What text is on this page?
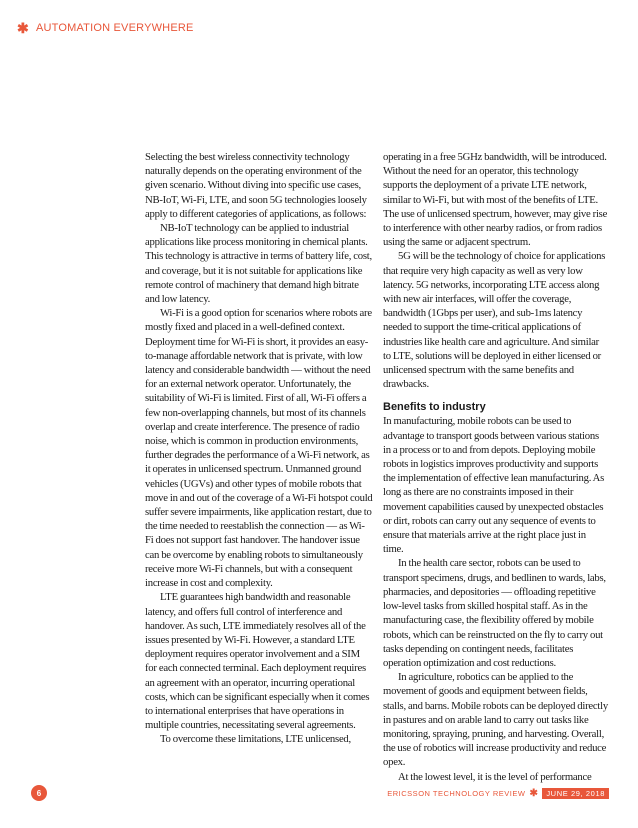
✱ AUTOMATION EVERYWHERE

Selecting the best wireless connectivity technology naturally depends on the operating environment of the given scenario. Without diving into specific use cases, NB-IoT, Wi-Fi, LTE, and soon 5G technologies loosely apply to different categories of applications, as follows:

NB-IoT technology can be applied to industrial applications like process monitoring in chemical plants. This technology is attractive in terms of battery life, cost, and coverage, but it is not suitable for applications like remote control of machinery that demand high bitrate and low latency.

Wi-Fi is a good option for scenarios where robots are mostly fixed and placed in a well-defined context. Deployment time for Wi-Fi is short, it provides an easy-to-manage affordable network that is private, with low latency and considerable bandwidth — without the need for an external network operator. Unfortunately, the suitability of Wi-Fi is limited. First of all, Wi-Fi offers a few non-overlapping channels, but most of its channels overlap and create interference. The presence of radio noise, which is common in production environments, further degrades the performance of a Wi-Fi network, as it operates in unlicensed spectrum. Unmanned ground vehicles (UGVs) and other types of mobile robots that move in and out of the coverage of a Wi-Fi hotspot could suffer severe impairments, like application restart, due to the time needed to reestablish the connection — as Wi-Fi does not support fast handover. The handover issue can be overcome by enabling robots to simultaneously receive more Wi-Fi channels, but with a consequent increase in cost and complexity.

LTE guarantees high bandwidth and reasonable latency, and offers full control of interference and handover. As such, LTE immediately resolves all of the issues presented by Wi-Fi. However, a standard LTE deployment requires operator involvement and a SIM for each connected terminal. Each deployment requires an agreement with an operator, incurring operational costs, which can be significant especially when it comes to international enterprises that have operations in multiple countries, necessitating several agreements.

To overcome these limitations, LTE unlicensed,

operating in a free 5GHz bandwidth, will be introduced. Without the need for an operator, this technology supports the deployment of a private LTE network, similar to Wi-Fi, but with most of the benefits of LTE. The use of unlicensed spectrum, however, may give rise to interference with other nearby radios, or from radios using the same or adjacent spectrum.

5G will be the technology of choice for applications that require very high capacity as well as very low latency. 5G networks, incorporating LTE access along with new air interfaces, will offer the coverage, bandwidth (1Gbps per user), and sub-1ms latency needed to support the time-critical applications of industries like health care and agriculture. And similar to LTE, solutions will be deployed in either licensed or unlicensed spectrum with the same benefits and drawbacks.

Benefits to industry

In manufacturing, mobile robots can be used to advantage to transport goods between various stations in a process or to and from depots. Deploying mobile robots in logistics improves productivity and supports the implementation of effective lean manufacturing. As long as there are no constraints imposed in their movement capabilities caused by unexpected obstacles or dirt, robots can carry out any sequence of events to ensure that materials arrive at the right place just in time.

In the health care sector, robots can be used to transport specimens, drugs, and bedlinen to wards, labs, pharmacies, and depositories — offloading repetitive low-level tasks from skilled hospital staff. As in the manufacturing case, the flexibility offered by mobile robots, which can be reinstructed on the fly to carry out tasks depending on contingent needs, facilitates operation optimization and cost reductions.

In agriculture, robotics can be applied to the movement of goods and equipment between fields, stalls, and barns. Mobile robots can be deployed directly in pastures and on arable land to carry out tasks like monitoring, spraying, pruning, and harvesting. Overall, the use of robotics will increase productivity and reduce opex.

At the lowest level, it is the level of performance

6	ERICSSON TECHNOLOGY REVIEW ✱	JUNE 29, 2018
